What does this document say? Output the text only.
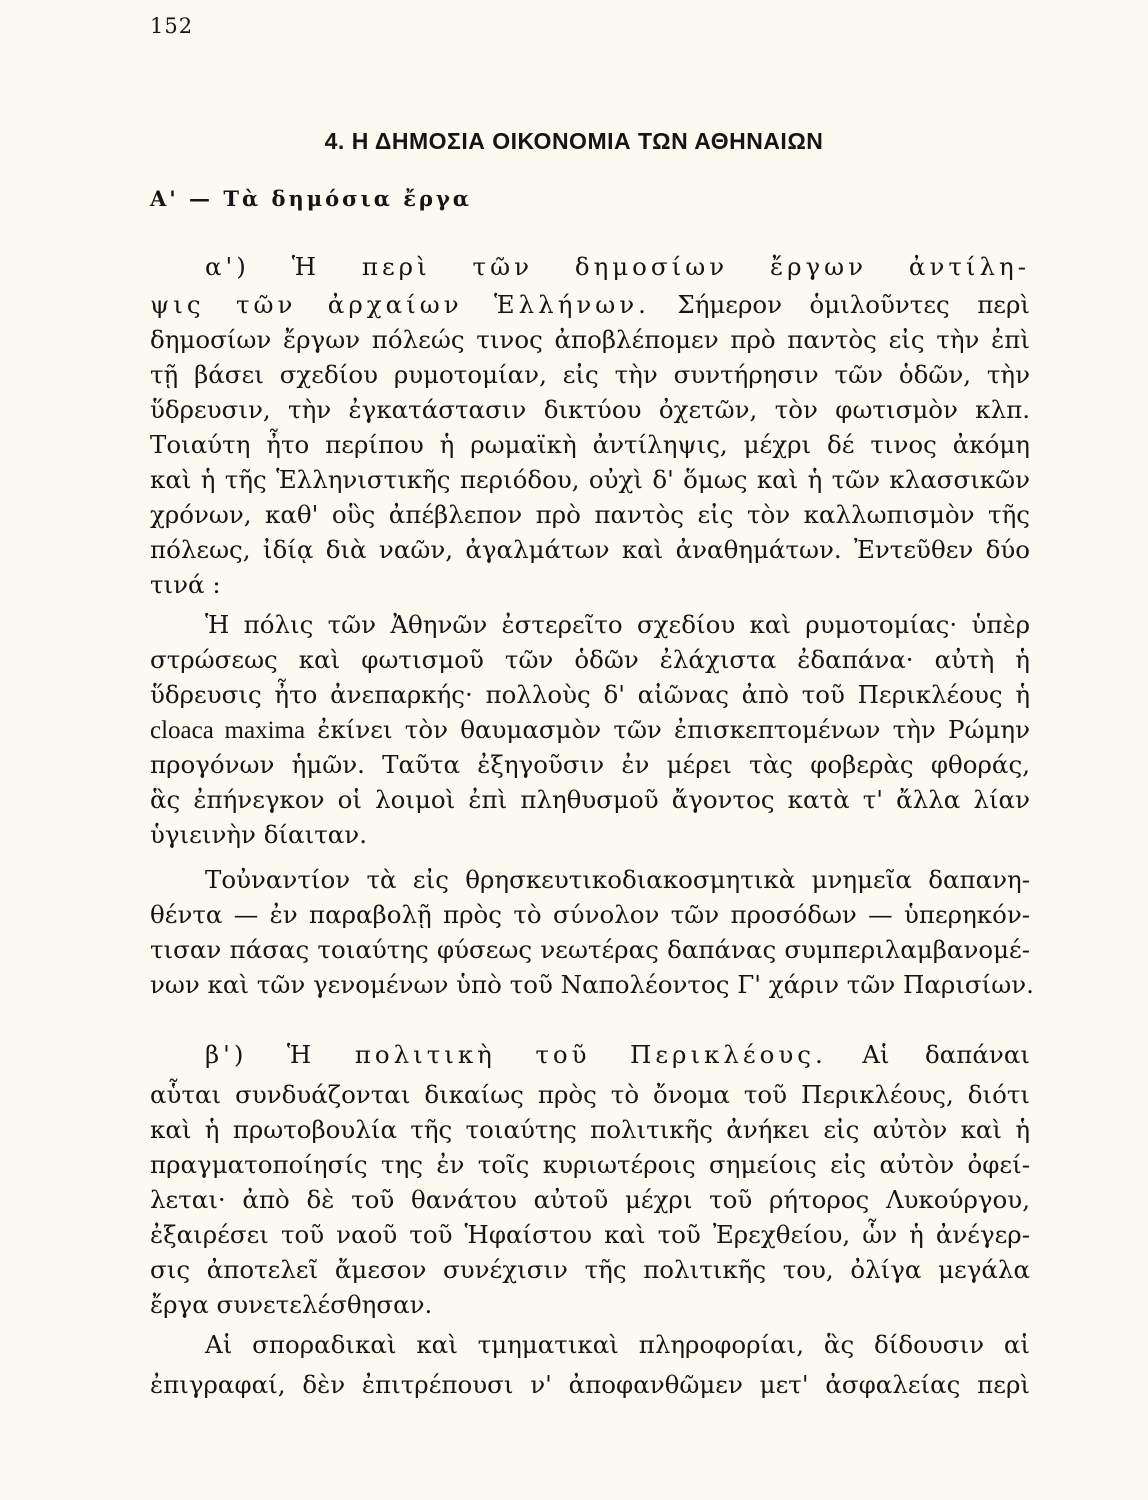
152
4. Η ΔΗΜΟΣΙΑ ΟΙΚΟΝΟΜΙΑ ΤΩΝ ΑΘΗΝΑΙΩΝ
Α' — Τὰ δημόσια ἔργα
α') Ἡ περὶ τῶν δημοσίων ἔργων ἀντίλη-
ψις τῶν ἀρχαίων Ἑλλήνων. Σήμερον ὁμιλοῦντες περὶ
δημοσίων ἔργων πόλεώς τινος ἀποβλέπομεν πρὸ παντὸς εἰς τὴν ἐπὶ
τῇ βάσει σχεδίου ρυμοτομίαν, εἰς τὴν συντήρησιν τῶν ὁδῶν, τὴν
ὕδρευσιν, τὴν ἐγκατάστασιν δικτύου ὀχετῶν, τὸν φωτισμὸν κλπ.
Τοιαύτη ἦτο περίπου ἡ ρωμαϊκὴ ἀντίληψις, μέχρι δέ τινος ἀκόμη
καὶ ἡ τῆς Ἑλληνιστικῆς περιόδου, οὐχὶ δ' ὅμως καὶ ἡ τῶν κλασσικῶν
χρόνων, καθ' οὓς ἀπέβλεπον πρὸ παντὸς εἰς τὸν καλλωπισμὸν τῆς
πόλεως, ἰδίᾳ διὰ ναῶν, ἀγαλμάτων καὶ ἀναθημάτων. Ἐντεῦθεν δύο
τινά :
Ἡ πόλις τῶν Ἀθηνῶν ἐστερεῖτο σχεδίου καὶ ρυμοτομίας· ὑπὲρ
στρώσεως καὶ φωτισμοῦ τῶν ὁδῶν ἐλάχιστα ἐδαπάνα· αὐτὴ ἡ
ὕδρευσις ἦτο ἀνεπαρκής· πολλοὺς δ' αἰῶνας ἀπὸ τοῦ Περικλέους ἡ
cloaca maxima ἐκίνει τὸν θαυμασμὸν τῶν ἐπισκεπτομένων τὴν Ρώμην
προγόνων ἡμῶν. Ταῦτα ἐξηγοῦσιν ἐν μέρει τὰς φοβερὰς φθοράς,
ἃς ἐπήνεγκον οἱ λοιμοὶ ἐπὶ πληθυσμοῦ ἄγοντος κατὰ τ' ἄλλα λίαν
ὑγιεινὴν δίαιταν.
Τοὐναντίον τὰ εἰς θρησκευτικοδιακοσμητικὰ μνημεῖα δαπανη-
θέντα — ἐν παραβολῇ πρὸς τὸ σύνολον τῶν προσόδων — ὑπερηκόν-
τισαν πάσας τοιαύτης φύσεως νεωτέρας δαπάνας συμπεριλαμβανομέ-
νων καὶ τῶν γενομένων ὑπὸ τοῦ Ναπολέοντος Γ' χάριν τῶν Παρισίων.
β') Ἡ πολιτικὴ τοῦ Περικλέους. Αἱ δαπάναι
αὗται συνδυάζονται δικαίως πρὸς τὸ ὄνομα τοῦ Περικλέους, διότι
καὶ ἡ πρωτοβουλία τῆς τοιαύτης πολιτικῆς ἀνήκει εἰς αὐτὸν καὶ ἡ
πραγματοποίησίς της ἐν τοῖς κυριωτέροις σημείοις εἰς αὐτὸν ὀφεί-
λεται· ἀπὸ δὲ τοῦ θανάτου αὐτοῦ μέχρι τοῦ ρήτορος Λυκούργου,
ἐξαιρέσει τοῦ ναοῦ τοῦ Ἡφαίστου καὶ τοῦ Ἐρεχθείου, ὧν ἡ ἀνέγερ-
σις ἀποτελεῖ ἄμεσον συνέχισιν τῆς πολιτικῆς του, ὀλίγα μεγάλα
ἔργα συνετελέσθησαν.
Αἱ σποραδικαὶ καὶ τμηματικαὶ πληροφορίαι, ἃς δίδουσιν αἱ
ἐπιγραφαί, δὲν ἐπιτρέπουσι ν' ἀποφανθῶμεν μετ' ἀσφαλείας περὶ
